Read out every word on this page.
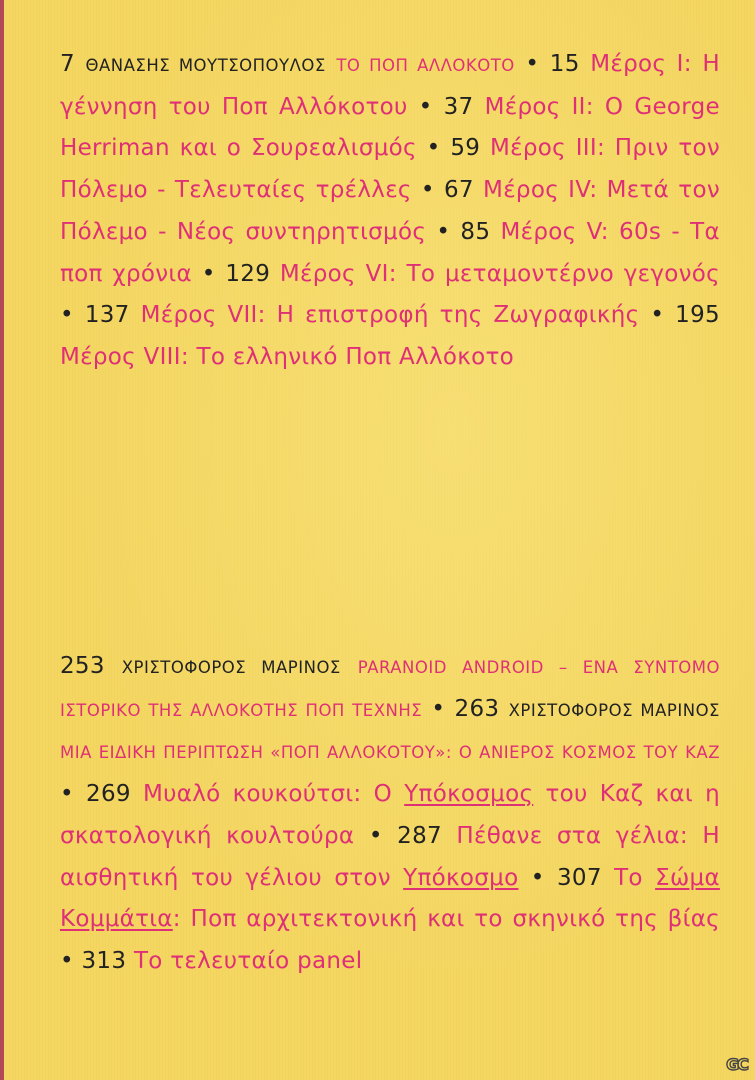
7 ΘΑΝΑΣΗΣ ΜΟΥΤΣΟΠΟΥΛΟΣ ΤΟ ΠΟΠ ΑΛΛΟΚΟΤΟ • 15 Μέρος Ι: Η γέννηση του Ποπ Αλλόκοτου • 37 Μέρος ΙΙ: Ο George Herriman και ο Σουρεαλισμός • 59 Μέρος ΙΙΙ: Πριν τον Πόλεμο - Τελευταίες τρέλλες • 67 Μέρος IV: Μετά τον Πόλεμο - Νέος συντηρητισμός • 85 Μέρος V: 60s - Τα ποπ χρόνια • 129 Μέρος VI: Το μεταμοντέρνο γεγονός • 137 Μέρος VII: Η επιστροφή της Ζωγραφικής • 195 Μέρος VIII: Το ελληνικό Ποπ Αλλόκοτο
253 ΧΡΙΣΤΟΦΟΡΟΣ ΜΑΡΙΝΟΣ PARANOID ANDROID – ΕΝΑ ΣΥΝΤΟΜΟ ΙΣΤΟΡΙΚΟ ΤΗΣ ΑΛΛΟΚΟΤΗΣ ΠΟΠ ΤΕΧΝΗΣ • 263 ΧΡΙΣΤΟΦΟΡΟΣ ΜΑΡΙΝΟΣ ΜΙΑ ΕΙΔΙΚΗ ΠΕΡΙΠΤΩΣΗ «ΠΟΠ ΑΛΛΟΚΟΤΟΥ»: Ο ΑΝΙΕΡΟΣ ΚΟΣΜΟΣ ΤΟΥ ΚΑΖ • 269 Μυαλό κουκούτσι: Ο Υπόκοσμος του Καζ και η σκατολογική κουλτούρα • 287 Πέθανε στα γέλια: Η αισθητική του γέλιου στον Υπόκοσμο • 307 Το Σώμα Κομμάτια: Ποπ αρχιτεκτονική και το σκηνικό της βίας • 313 Το τελευταίο panel
GC
